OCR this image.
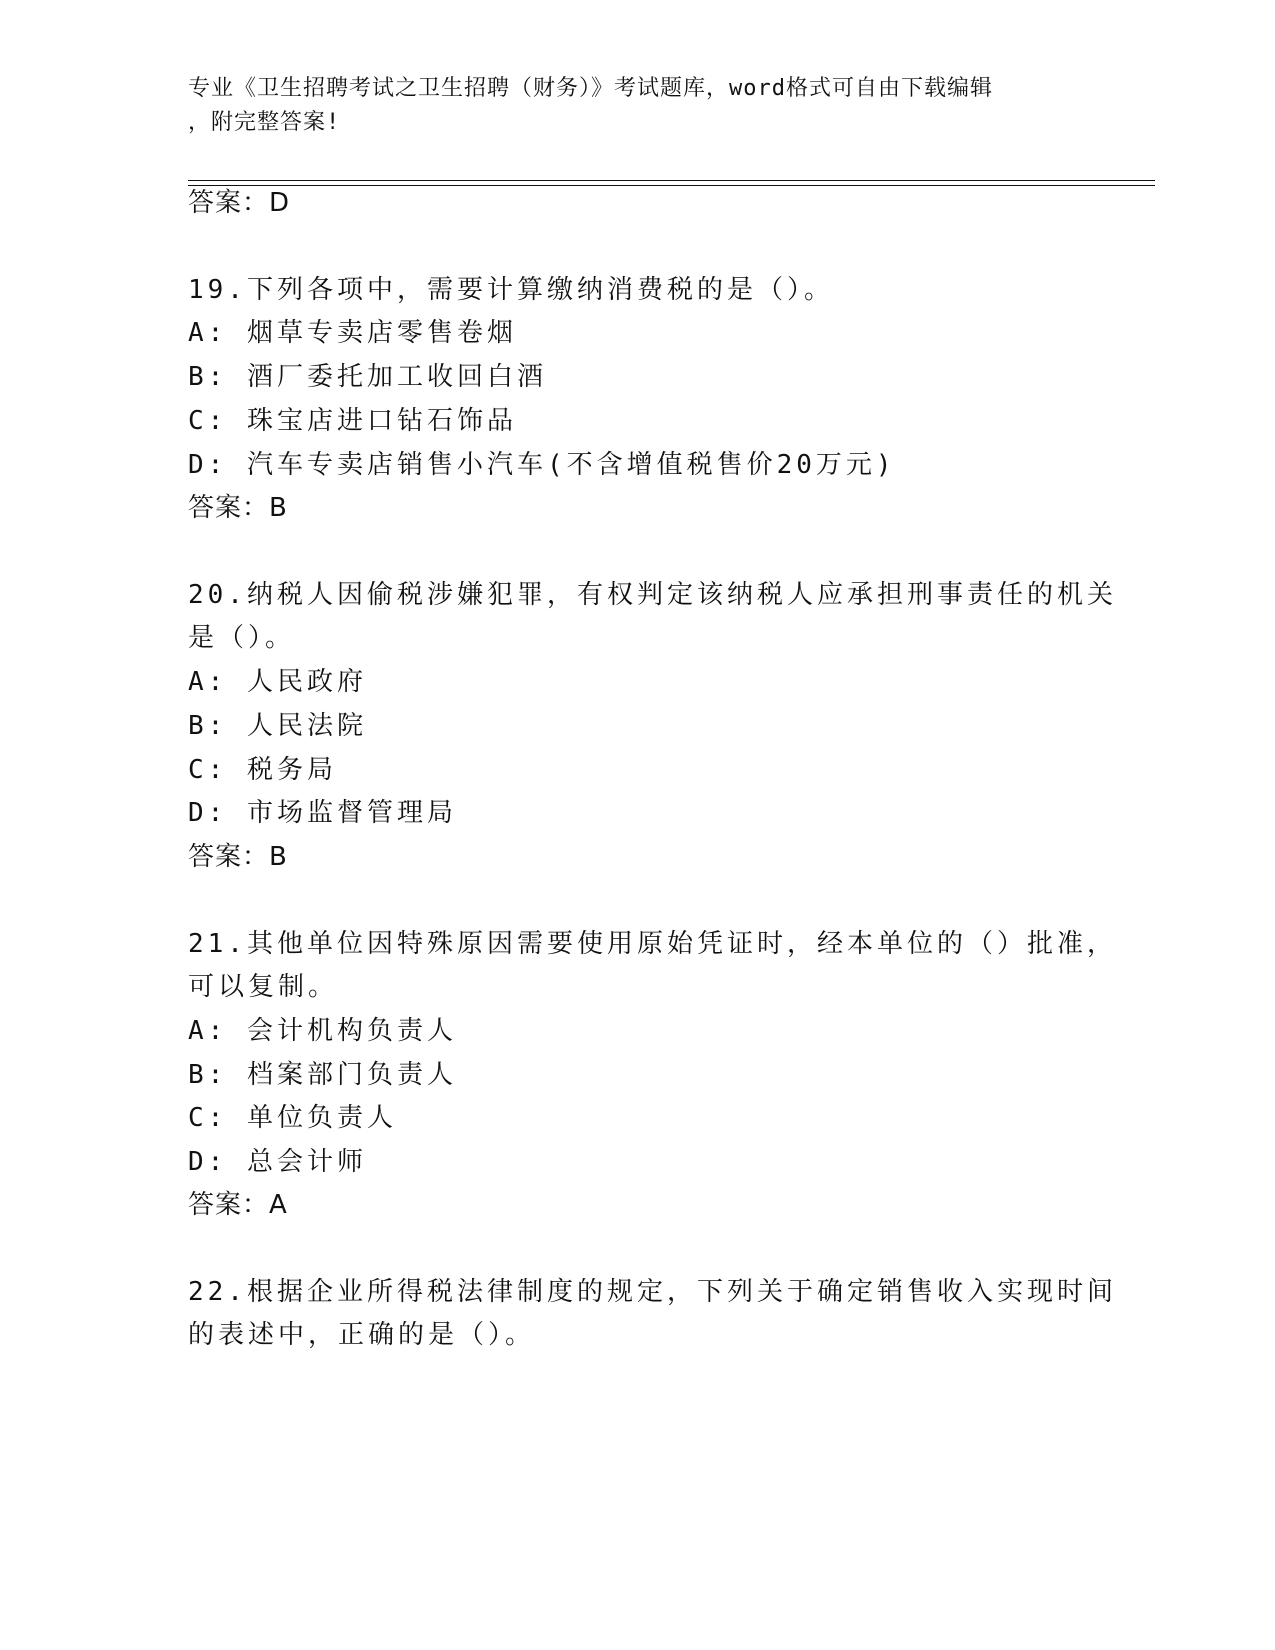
专业《卫生招聘考试之卫生招聘（财务）》考试题库，word格式可自由下载编辑
，附完整答案!
答案：D
19.下列各项中，需要计算缴纳消费税的是（）。
A: 烟草专卖店零售卷烟
B: 酒厂委托加工收回白酒
C: 珠宝店进口钻石饰品
D: 汽车专卖店销售小汽车(不含增值税售价20万元)
答案：B
20.纳税人因偷税涉嫌犯罪，有权判定该纳税人应承担刑事责任的机关
是（）。
A: 人民政府
B: 人民法院
C: 税务局
D: 市场监督管理局
答案：B
21.其他单位因特殊原因需要使用原始凭证时，经本单位的（）批准，
可以复制。
A: 会计机构负责人
B: 档案部门负责人
C: 单位负责人
D: 总会计师
答案：A
22.根据企业所得税法律制度的规定，下列关于确定销售收入实现时间
的表述中，正确的是（）。
